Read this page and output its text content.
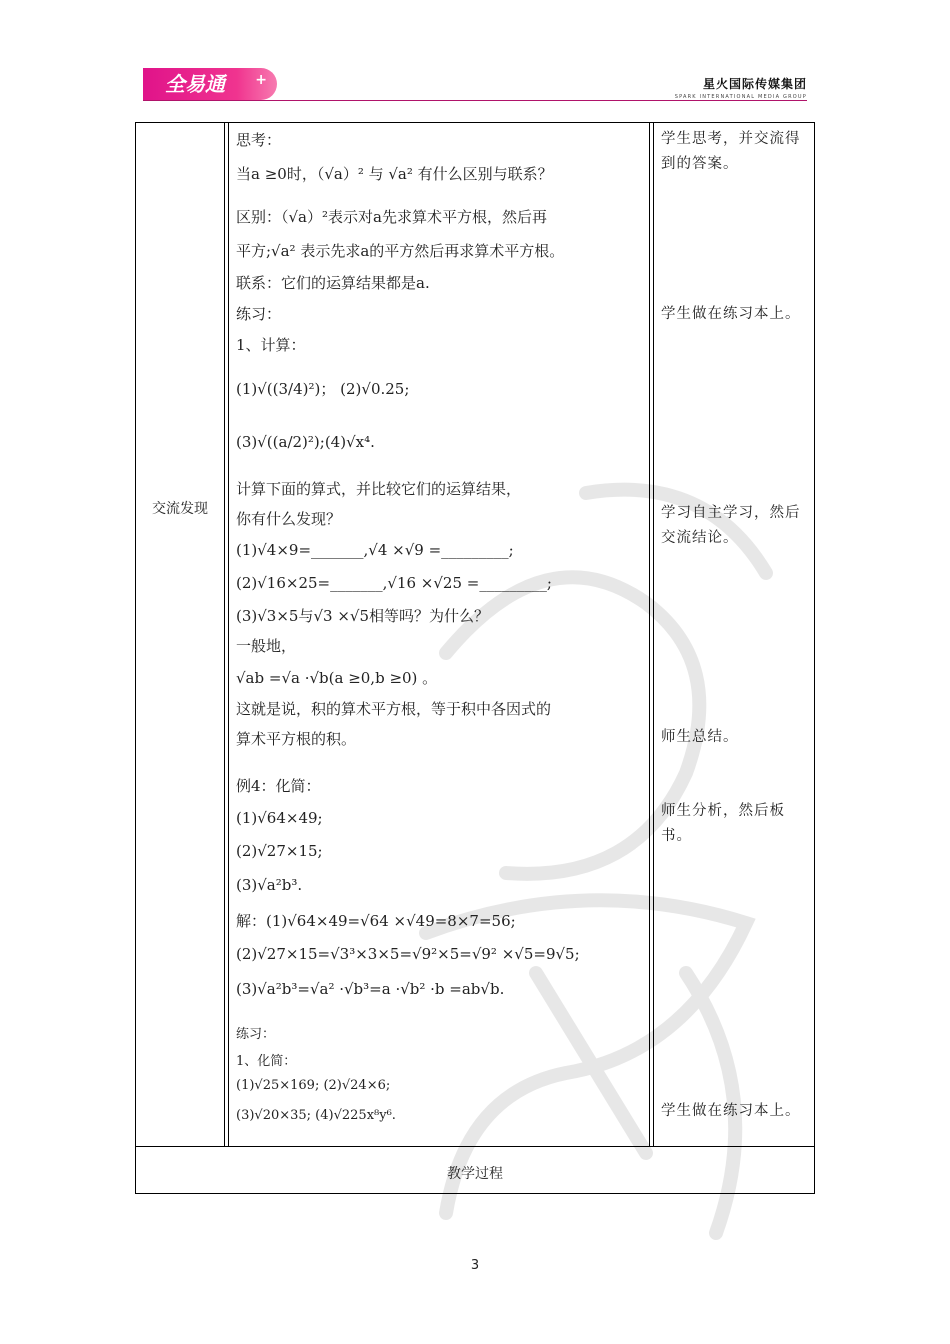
全易通	+	星火国际传媒集团
SPARK INTERNATIONAL MEDIA GROUP
交流发现
思考：
当a ≥0时，（√a）² 与 √a² 有什么区别与联系？
区别：（√a）²表示对a先求算术平方根，然后再
平方;√a² 表示先求a的平方然后再求算术平方根。
联系：它们的运算结果都是a.
练习：
1、计算：
(1)√((3/4)²)； (2)√0.25;
(3)√((a/2)²);(4)√x⁴.
计算下面的算式，并比较它们的运算结果，
你有什么发现？
(1)√4×9=_______,√4 ×√9 =_________;
(2)√16×25=_______,√16 ×√25 =_________;
(3)√3×5与√3 ×√5相等吗？为什么？
一般地，
√ab =√a ·√b(a ≥0,b ≥0) 。
这就是说，积的算术平方根，等于积中各因式的
算术平方根的积。
例4：化简：
(1)√64×49;
(2)√27×15;
(3)√a²b³.
解：(1)√64×49=√64 ×√49=8×7=56;
(2)√27×15=√3³×3×5=√9²×5=√9² ×√5=9√5;
(3)√a²b³=√a² ·√b³=a ·√b² ·b =ab√b.
练习：
1、化简：
(1)√25×169; (2)√24×6;
(3)√20×35; (4)√225x⁸y⁶.
学生思考，并交流得到的答案。
学生做在练习本上。
学习自主学习，然后交流结论。
师生总结。
师生分析，然后板书。
学生做在练习本上。
教学过程
3
